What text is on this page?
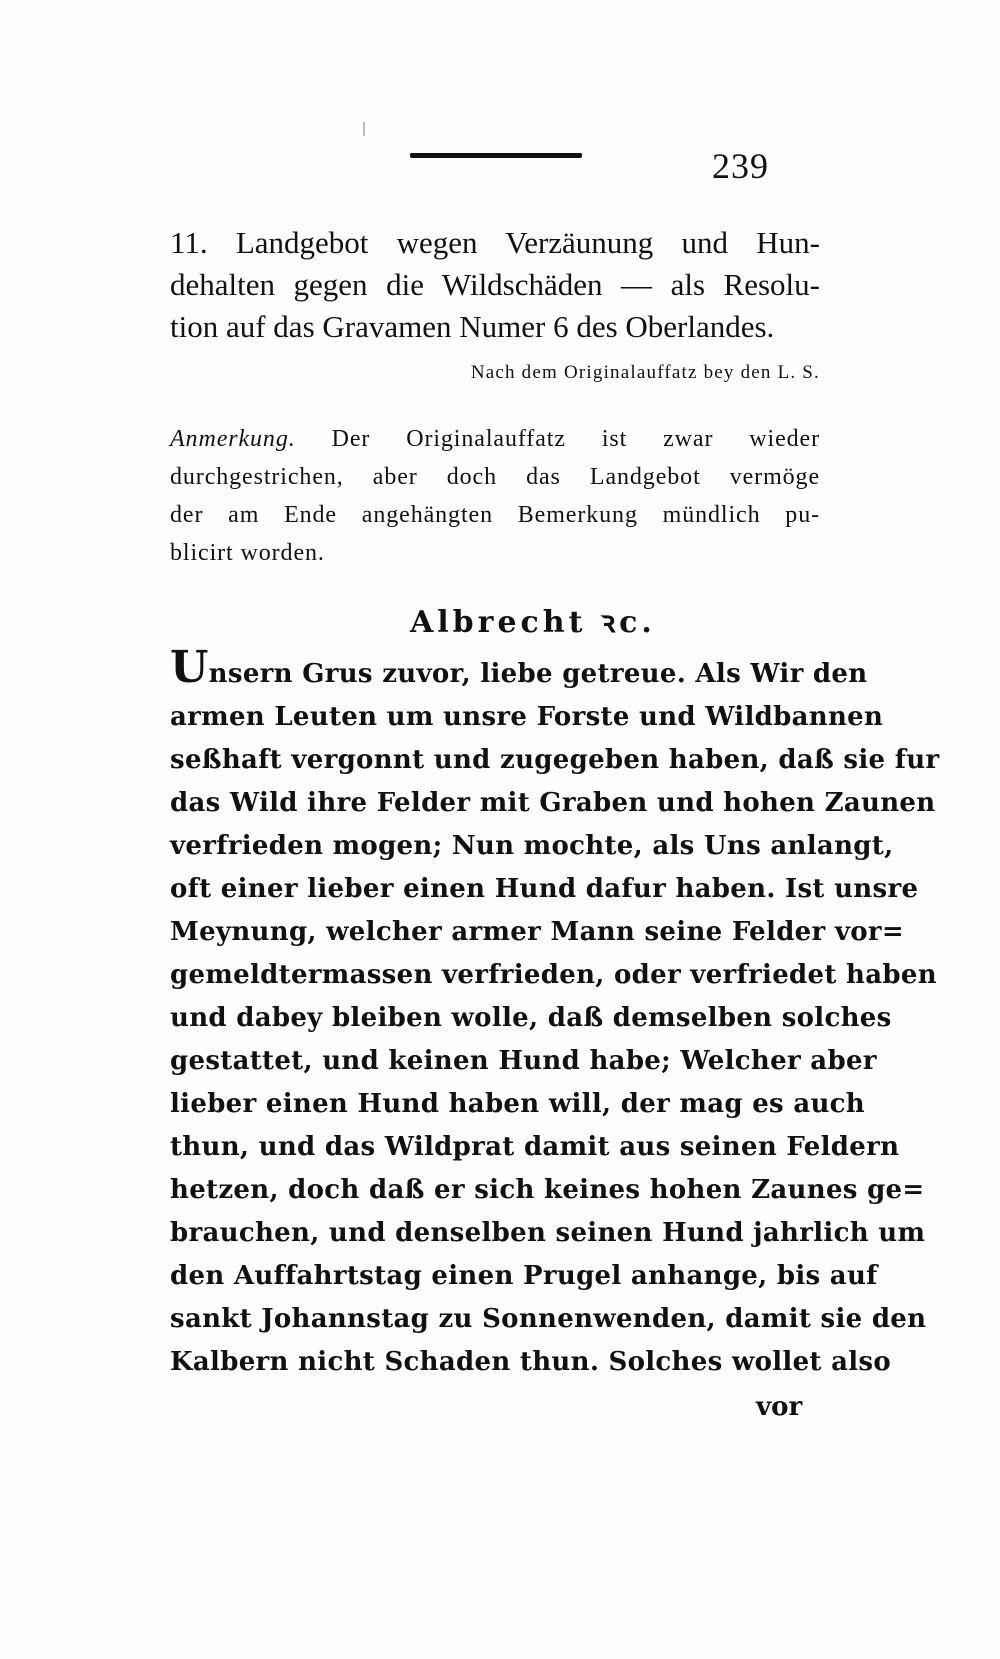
239
11. Landgebot wegen Verzäunung und Hun-
dehalten gegen die Wildschäden — als Resolu-
tion auf das Gravamen Numer 6 des Oberlandes.
Nach dem Originalauffatz bey den L. S.
Anmerkung. Der Originalauffatz ist zwar wieder
durchgestrichen, aber doch das Landgebot vermöge
der am Ende angehängten Bemerkung mündlich pu-
blicirt worden.
Albrecht ꝛc.
Unsern Grus zuvor, liebe getreue. Als Wir den
armen Leuten um unsre Forste und Wildbannen
seßhaft vergonnt und zugegeben haben, daß sie fur
das Wild ihre Felder mit Graben und hohen Zaunen
verfrieden mogen; Nun mochte, als Uns anlangt,
oft einer lieber einen Hund dafur haben. Ist unsre
Meynung, welcher armer Mann seine Felder vor=
gemeldtermassen verfrieden, oder verfriedet haben
und dabey bleiben wolle, daß demselben solches
gestattet, und keinen Hund habe; Welcher aber
lieber einen Hund haben will, der mag es auch
thun, und das Wildprat damit aus seinen Feldern
hetzen, doch daß er sich keines hohen Zaunes ge=
brauchen, und denselben seinen Hund jahrlich um
den Auffahrtstag einen Prugel anhange, bis auf
sankt Johannstag zu Sonnenwenden, damit sie den
Kalbern nicht Schaden thun. Solches wollet also
vor
